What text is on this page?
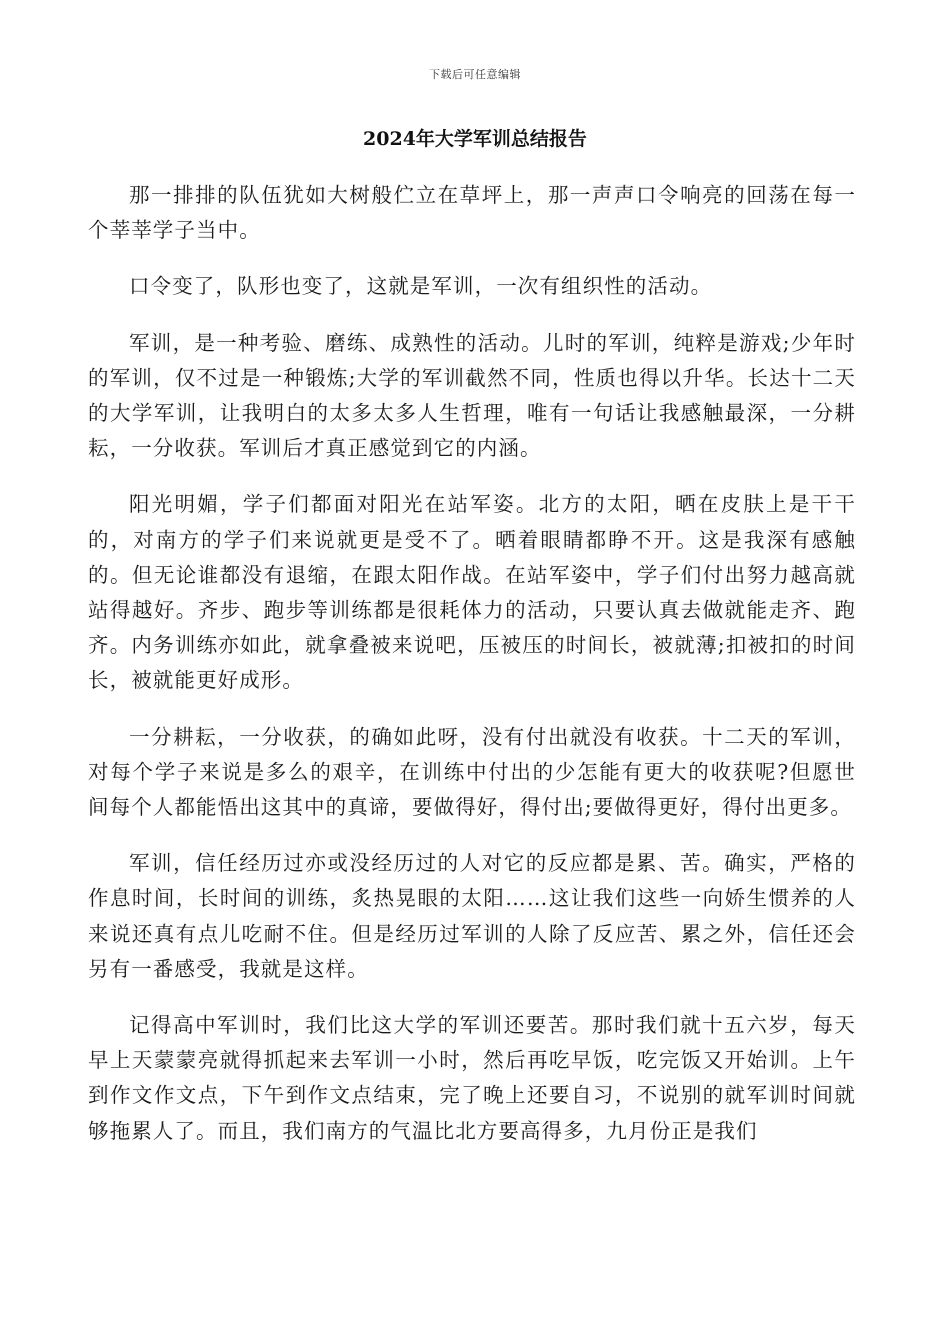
下载后可任意编辑
2024年大学军训总结报告

那一排排的队伍犹如大树般伫立在草坪上，那一声声口令响亮的回荡在每一个莘莘学子当中。

口令变了，队形也变了，这就是军训，一次有组织性的活动。

军训，是一种考验、磨练、成熟性的活动。儿时的军训，纯粹是游戏;少年时的军训，仅不过是一种锻炼;大学的军训截然不同，性质也得以升华。长达十二天的大学军训，让我明白的太多太多人生哲理，唯有一句话让我感触最深，一分耕耘，一分收获。军训后才真正感觉到它的内涵。

阳光明媚，学子们都面对阳光在站军姿。北方的太阳，晒在皮肤上是干干的，对南方的学子们来说就更是受不了。晒着眼睛都睁不开。这是我深有感触的。但无论谁都没有退缩，在跟太阳作战。在站军姿中，学子们付出努力越高就站得越好。齐步、跑步等训练都是很耗体力的活动，只要认真去做就能走齐、跑齐。内务训练亦如此，就拿叠被来说吧，压被压的时间长，被就薄;扣被扣的时间长，被就能更好成形。

一分耕耘，一分收获，的确如此呀，没有付出就没有收获。十二天的军训，对每个学子来说是多么的艰辛，在训练中付出的少怎能有更大的收获呢?但愿世间每个人都能悟出这其中的真谛，要做得好，得付出;要做得更好，得付出更多。

军训，信任经历过亦或没经历过的人对它的反应都是累、苦。确实，严格的作息时间，长时间的训练，炙热晃眼的太阳……这让我们这些一向娇生惯养的人来说还真有点儿吃耐不住。但是经历过军训的人除了反应苦、累之外，信任还会另有一番感受，我就是这样。

记得高中军训时，我们比这大学的军训还要苦。那时我们就十五六岁，每天早上天蒙蒙亮就得抓起来去军训一小时，然后再吃早饭，吃完饭又开始训。上午到作文作文点，下午到作文点结束，完了晚上还要自习，不说别的就军训时间就够拖累人了。而且，我们南方的气温比北方要高得多，九月份正是我们
